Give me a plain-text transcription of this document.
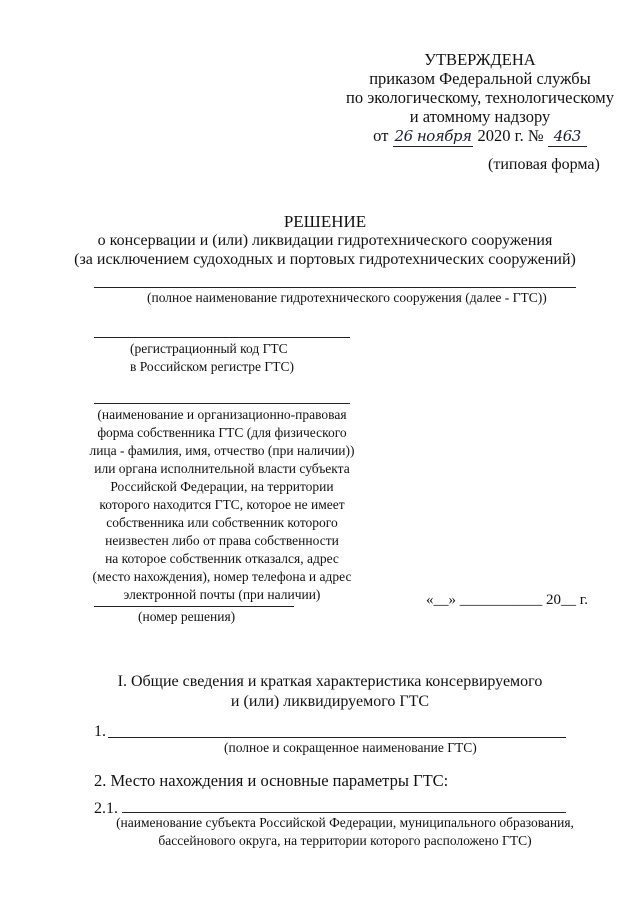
УТВЕРЖДЕНА
приказом Федеральной службы
по экологическому, технологическому
и атомному надзору
от 26 ноября 2020 г. № 463
(типовая форма)
РЕШЕНИЕ
о консервации и (или) ликвидации гидротехнического сооружения
(за исключением судоходных и портовых гидротехнических сооружений)
(полное наименование гидротехнического сооружения (далее - ГТС))
(регистрационный код ГТС
в Российском регистре ГТС)
(наименование и организационно-правовая
форма собственника ГТС (для физического
лица - фамилия, имя, отчество (при наличии))
или органа исполнительной власти субъекта
Российской Федерации, на территории
которого находится ГТС, которое не имеет
собственника или собственник которого
неизвестен либо от права собственности
на которое собственник отказался, адрес
(место нахождения), номер телефона и адрес
электронной почты (при наличии)
(номер решения)
«__» ___________ 20__ г.
I. Общие сведения и краткая характеристика консервируемого
и (или) ликвидируемого ГТС
1.
(полное и сокращенное наименование ГТС)
2. Место нахождения и основные параметры ГТС:
2.1.
(наименование субъекта Российской Федерации, муниципального образования,
бассейнового округа, на территории которого расположено ГТС)
